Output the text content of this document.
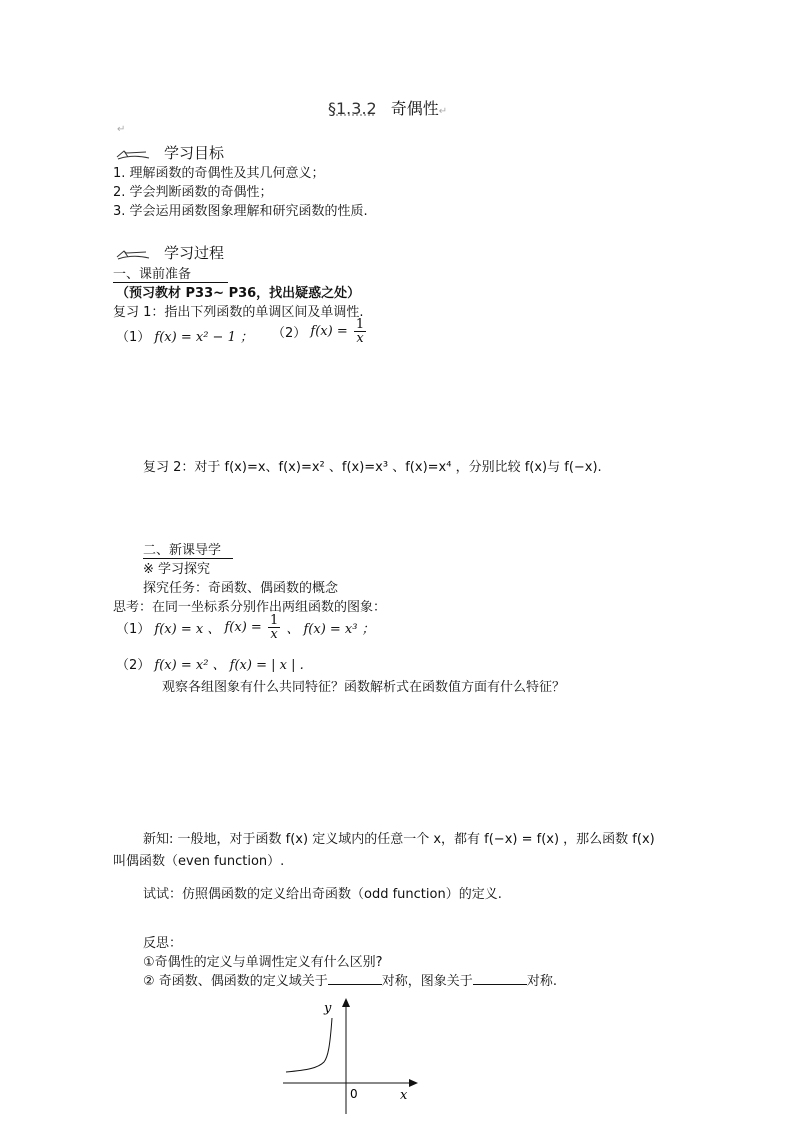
§1.3.2 奇偶性↵
↵
学习目标
1. 理解函数的奇偶性及其几何意义；
2. 学会判断函数的奇偶性；
3. 学会运用函数图象理解和研究函数的性质.
学习过程
一、课前准备
（预习教材 P33~ P36，找出疑惑之处）
复习 1：指出下列函数的单调区间及单调性.
（1） f(x) = x² − 1 ； （2） $f(x) = \frac{1}{x}$
复习 2：对于 f(x)=x、f(x)=x² 、f(x)=x³ 、f(x)=x⁴ ，分别比较 f(x)与 f(−x).
二、新课导学
※ 学习探究
探究任务：奇函数、偶函数的概念
思考：在同一坐标系分别作出两组函数的图象：
（1） f(x) = x 、 $f(x) = \frac{1}{x}$ 、 f(x) = x³ ；
（2） f(x) = x² 、 f(x) = | x | .
观察各组图象有什么共同特征？函数解析式在函数值方面有什么特征？
新知: 一般地，对于函数 f(x) 定义域内的任意一个 x，都有 f(−x) = f(x) ，那么函数 f(x)
叫偶函数（even function）.
试试：仿照偶函数的定义给出奇函数（odd function）的定义.
反思：
①奇偶性的定义与单调性定义有什么区别?
② 奇函数、偶函数的定义域关于	对称，图象关于	对称.
y
x
0
